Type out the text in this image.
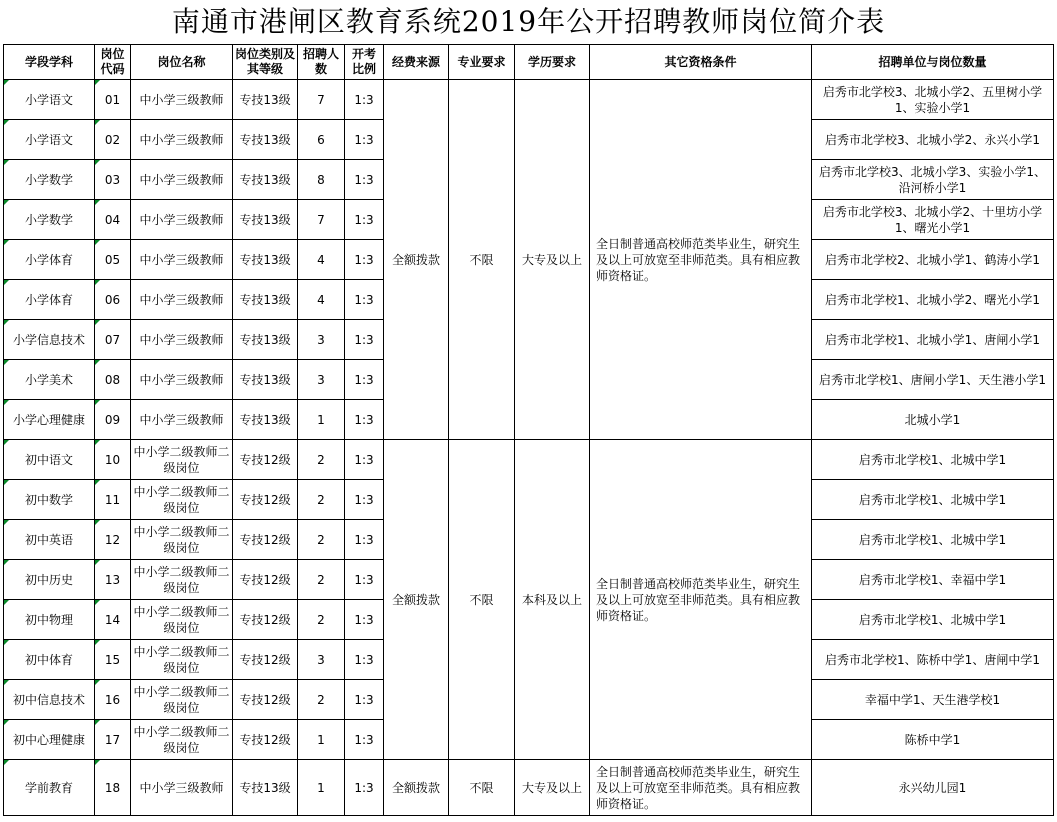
南通市港闸区教育系统2019年公开招聘教师岗位简介表
学段学科	岗位代码	岗位名称	岗位类别及其等级	招聘人数	开考比例	经费来源	专业要求	学历要求	其它资格条件	招聘单位与岗位数量
小学语文	01	中小学三级教师	专技13级	7	1:3	全额拨款	不限	大专及以上	全日制普通高校师范类毕业生，研究生及以上可放宽至非师范类。具有相应教师资格证。	启秀市北学校3、北城小学2、五里树小学1、实验小学1
小学语文	02	中小学三级教师	专技13级	6	1:3					启秀市北学校3、北城小学2、永兴小学1
小学数学	03	中小学三级教师	专技13级	8	1:3					启秀市北学校3、北城小学3、实验小学1、沿河桥小学1
小学数学	04	中小学三级教师	专技13级	7	1:3					启秀市北学校3、北城小学2、十里坊小学1、曙光小学1
小学体育	05	中小学三级教师	专技13级	4	1:3					启秀市北学校2、北城小学1、鹤涛小学1
小学体育	06	中小学三级教师	专技13级	4	1:3					启秀市北学校1、北城小学2、曙光小学1
小学信息技术	07	中小学三级教师	专技13级	3	1:3					启秀市北学校1、北城小学1、唐闸小学1
小学美术	08	中小学三级教师	专技13级	3	1:3					启秀市北学校1、唐闸小学1、天生港小学1
小学心理健康	09	中小学三级教师	专技13级	1	1:3					北城小学1
初中语文	10	中小学二级教师二级岗位	专技12级	2	1:3	全额拨款	不限	本科及以上	全日制普通高校师范类毕业生，研究生及以上可放宽至非师范类。具有相应教师资格证。	启秀市北学校1、北城中学1
初中数学	11	中小学二级教师二级岗位	专技12级	2	1:3					启秀市北学校1、北城中学1
初中英语	12	中小学二级教师二级岗位	专技12级	2	1:3					启秀市北学校1、北城中学1
初中历史	13	中小学二级教师二级岗位	专技12级	2	1:3					启秀市北学校1、幸福中学1
初中物理	14	中小学二级教师二级岗位	专技12级	2	1:3					启秀市北学校1、北城中学1
初中体育	15	中小学二级教师二级岗位	专技12级	3	1:3					启秀市北学校1、陈桥中学1、唐闸中学1
初中信息技术	16	中小学二级教师二级岗位	专技12级	2	1:3					幸福中学1、天生港学校1
初中心理健康	17	中小学二级教师二级岗位	专技12级	1	1:3					陈桥中学1
学前教育	18	中小学三级教师	专技13级	1	1:3	全额拨款	不限	大专及以上	全日制普通高校师范类毕业生，研究生及以上可放宽至非师范类。具有相应教师资格证。	永兴幼儿园1
